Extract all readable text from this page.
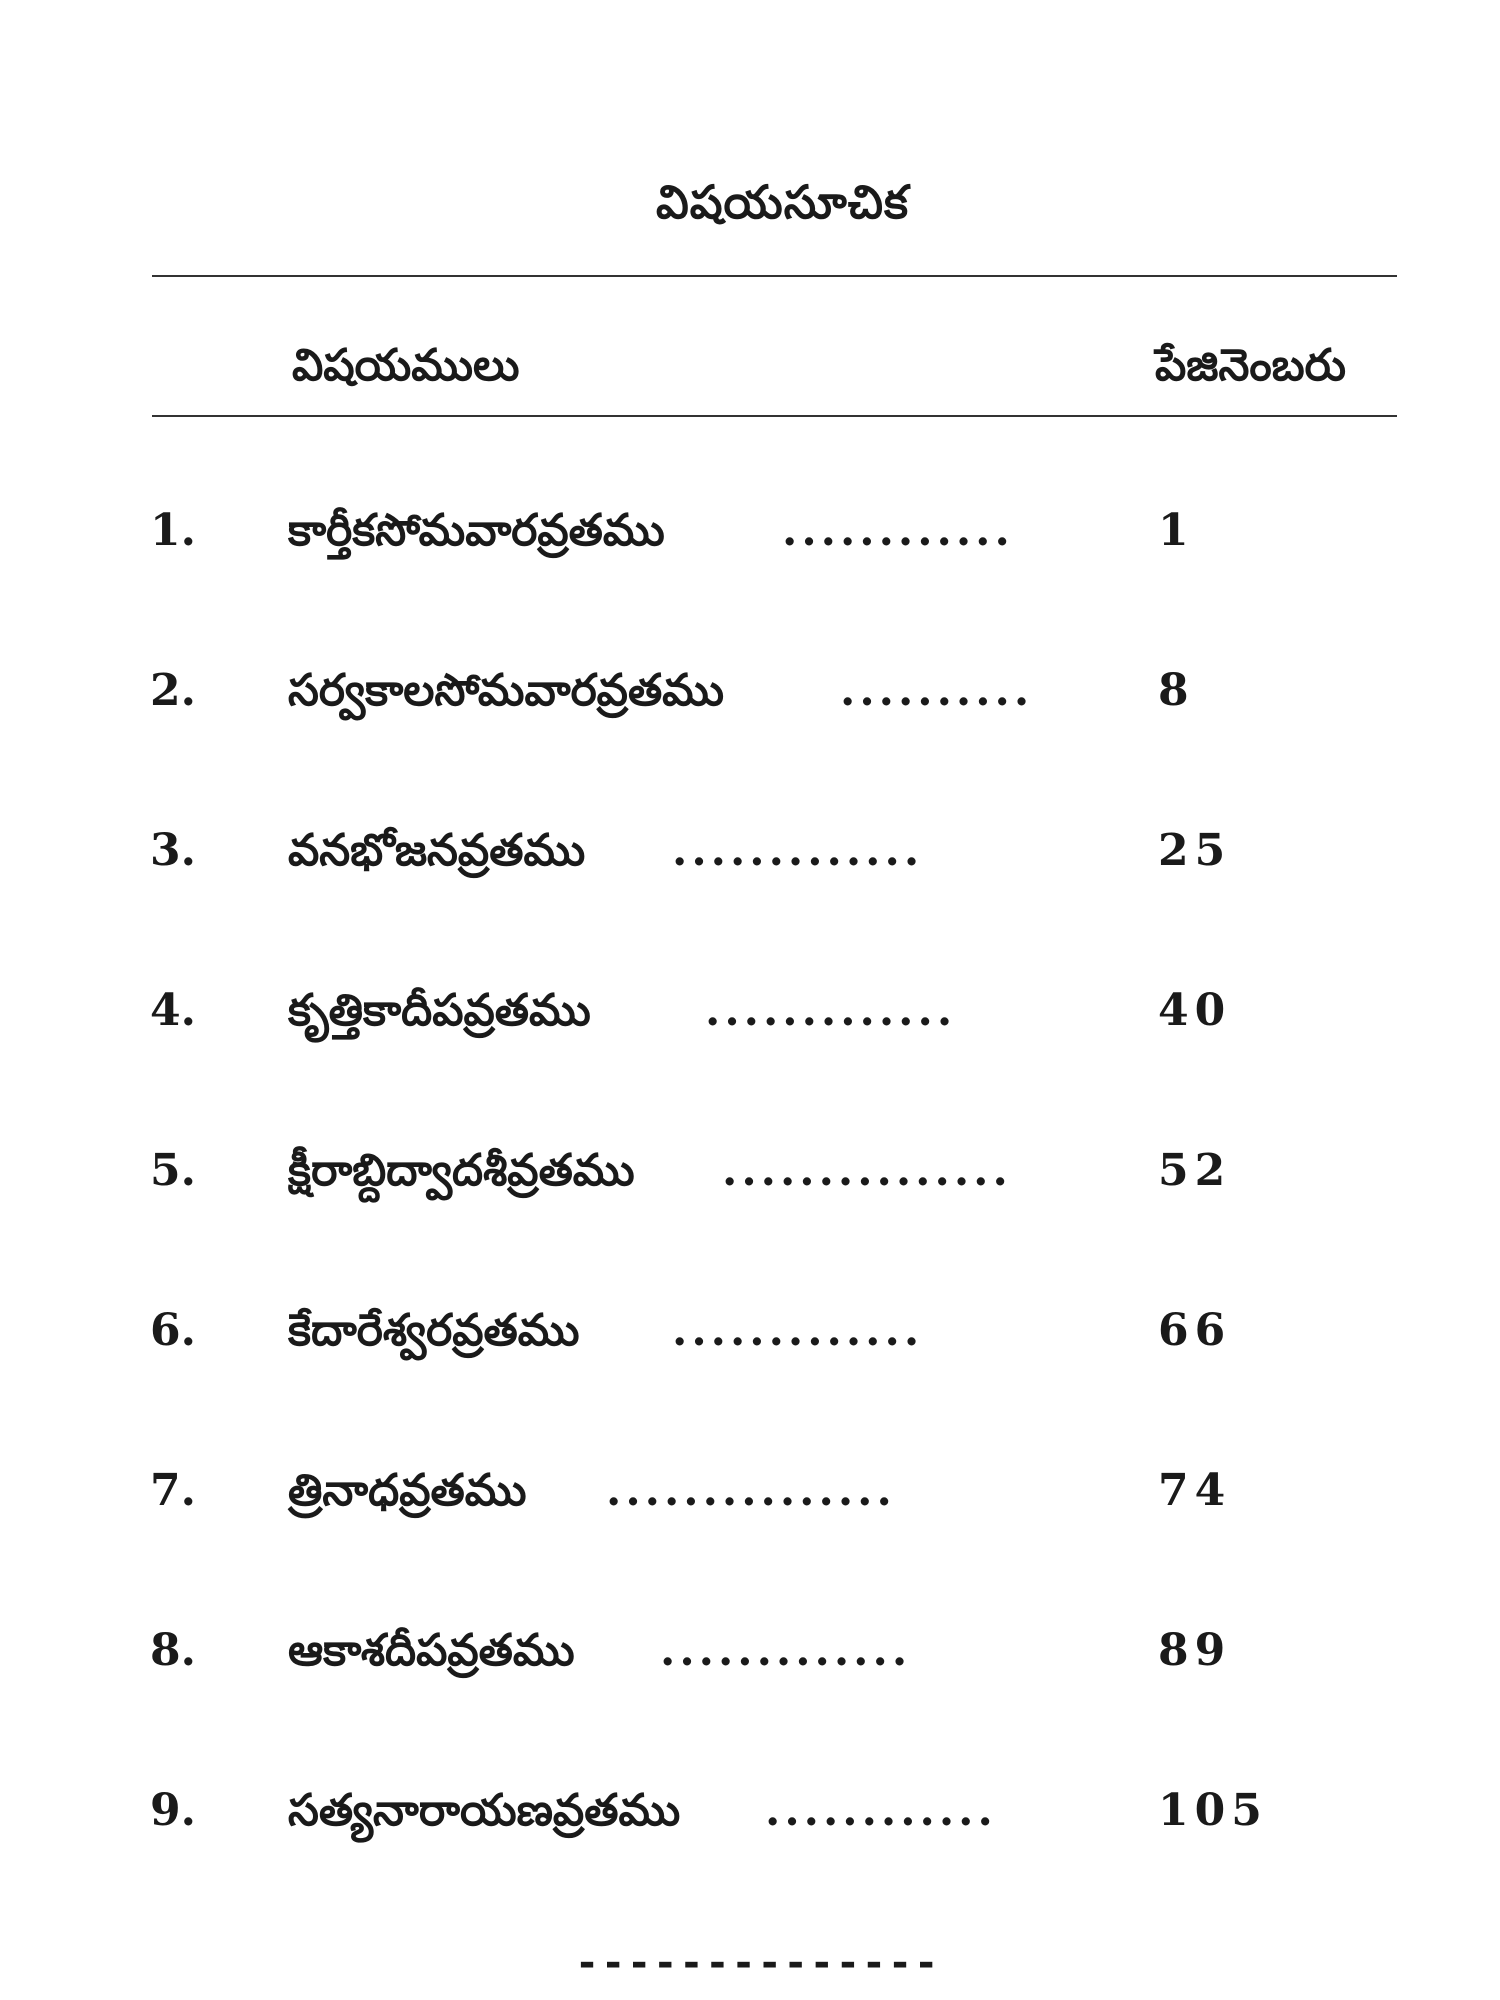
విషయసూచిక
విషయములు	పేజినెంబరు
1. కార్తీకసోమవారవ్రతము	............	1
2. సర్వకాలసోమవారవ్రతము	..........	8
3. వనభోజనవ్రతము .............	25
4. కృత్తికాదీపవ్రతము	.............	40
5. క్షీరాబ్దిద్వాదశీవ్రతము ...............	52
6. కేదారేశ్వరవ్రతము .............	66
7. త్రినాధవ్రతము ...............	74
8. ఆకాశదీపవ్రతము .............	89
9. సత్యనారాయణవ్రతము ............	105
--------------
